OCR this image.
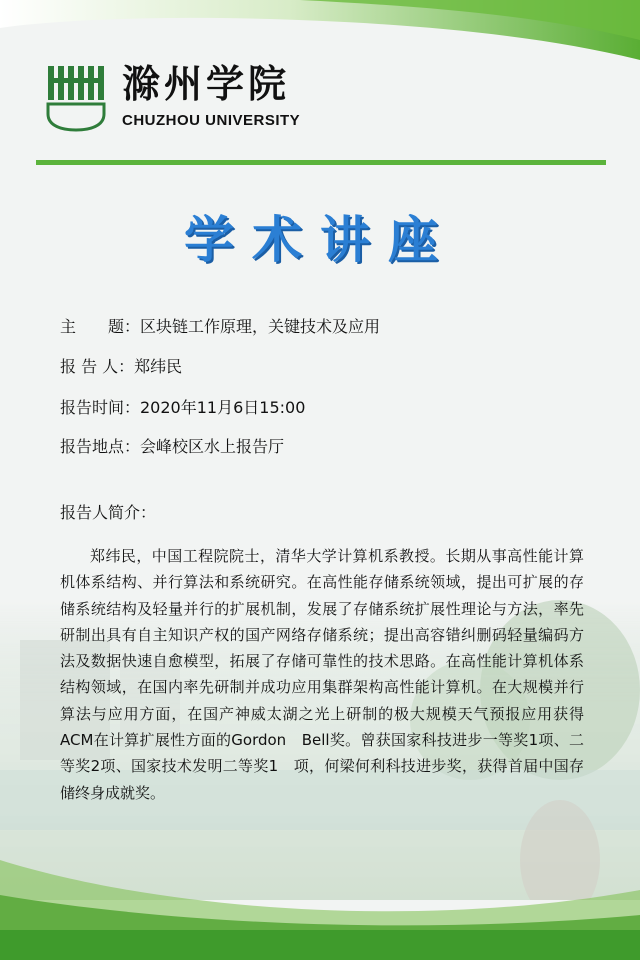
滁州学院
CHUZHOU UNIVERSITY
学术讲座
主　　题：区块链工作原理，关键技术及应用
报 告 人：郑纬民
报告时间：2020年11月6日15:00
报告地点：会峰校区水上报告厅
报告人简介：
郑纬民，中国工程院院士，清华大学计算机系教授。长期从事高性能计算机体系结构、并行算法和系统研究。在高性能存储系统领域，提出可扩展的存储系统结构及轻量并行的扩展机制，发展了存储系统扩展性理论与方法，率先研制出具有自主知识产权的国产网络存储系统；提出高容错纠删码轻量编码方法及数据快速自愈模型，拓展了存储可靠性的技术思路。在高性能计算机体系结构领域，在国内率先研制并成功应用集群架构高性能计算机。在大规模并行算法与应用方面，在国产神威太湖之光上研制的极大规模天气预报应用获得ACM在计算扩展性方面的Gordon　Bell奖。曾获国家科技进步一等奖1项、二等奖2项、国家技术发明二等奖1　项，何梁何利科技进步奖，获得首届中国存储终身成就奖。
